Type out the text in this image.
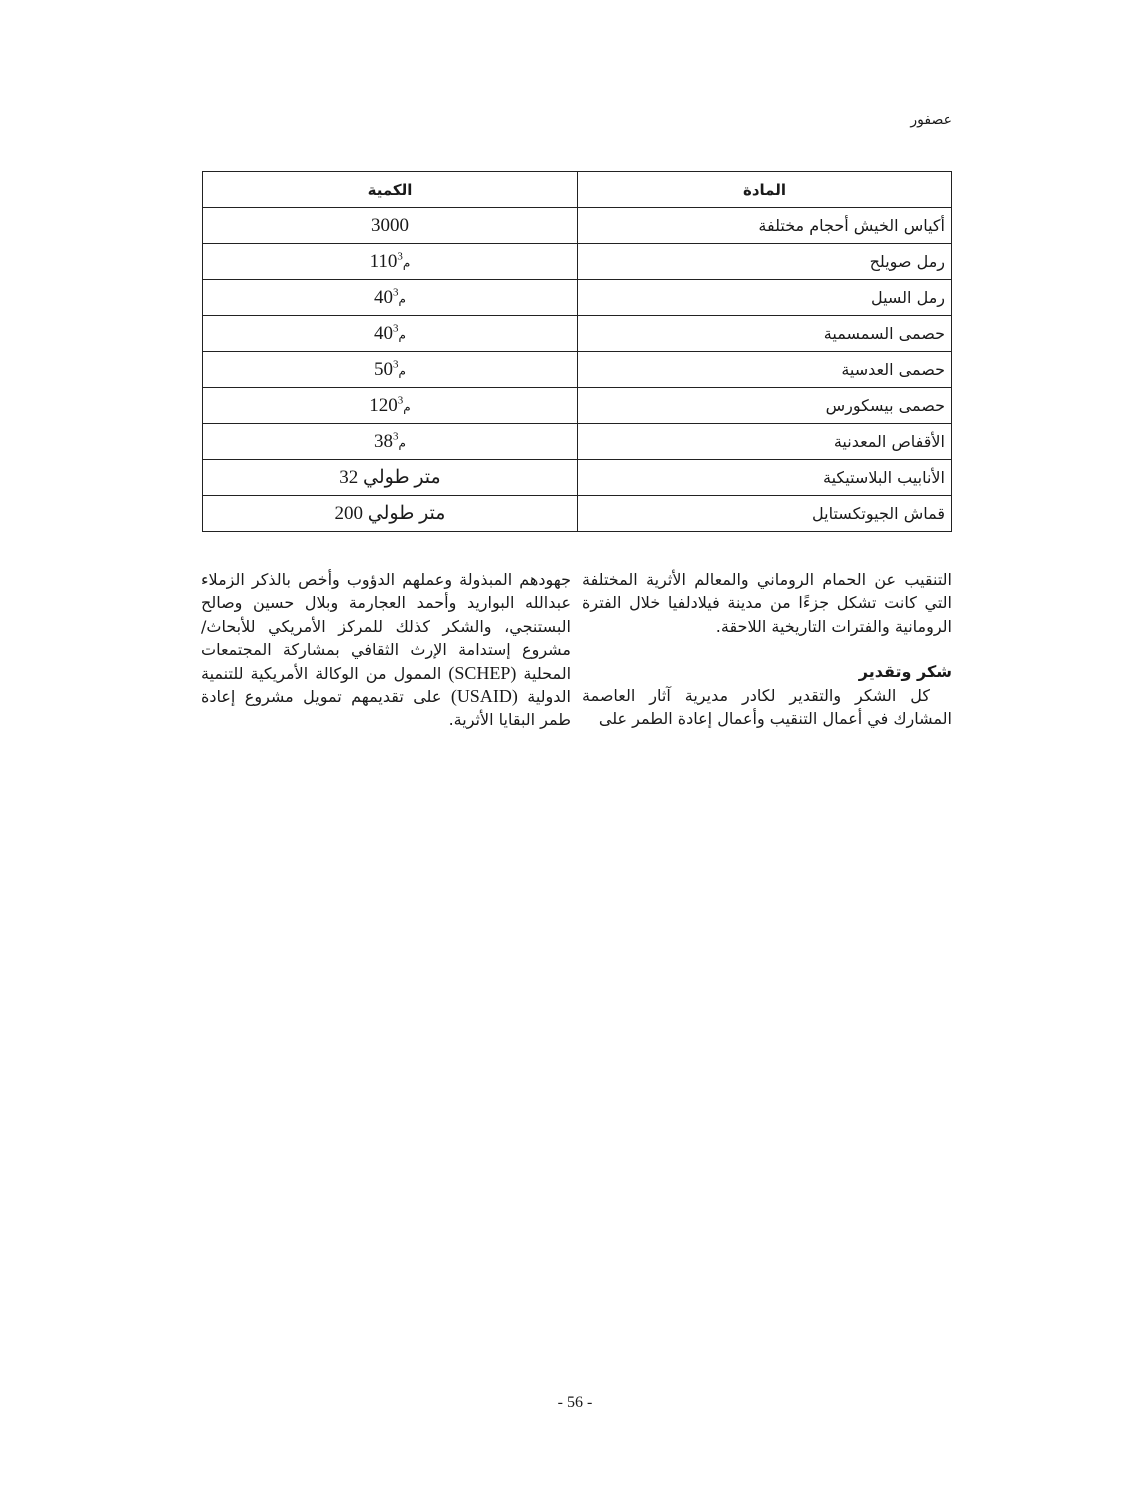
عصفور
المادة	الكمية
أكياس الخيش أحجام مختلفة	3000
رمل صويلح	$110^3م$
رمل السيل	$40^3م$
حصمى السمسمية	$40^3م$
حصمى العدسية	$50^3م$
حصمى بيسكورس	$120^3م$
الأقفاص المعدنية	$38^3م$
الأنابيب البلاستيكية	متر طولي 32
قماش الجيوتكستايل	متر طولي 200

التنقيب عن الحمام الروماني والمعالم الأثرية المختلفة التي كانت تشكل جزءًا من مدينة فيلادلفيا خلال الفترة الرومانية والفترات التاريخية اللاحقة.

شكر وتقدير

كل الشكر والتقدير لكادر مديرية آثار العاصمة المشارك في أعمال التنقيب وأعمال إعادة الطمر على

جهودهم المبذولة وعملهم الدؤوب وأخص بالذكر الزملاء عبدالله البواريد وأحمد العجارمة وبلال حسين وصالح البستنجي، والشكر كذلك للمركز الأمريكي للأبحاث/مشروع إستدامة الإرث الثقافي بمشاركة المجتمعات المحلية (SCHEP) الممول من الوكالة الأمريكية للتنمية الدولية (USAID) على تقديمهم تمويل مشروع إعادة طمر البقايا الأثرية.

- 56 -
